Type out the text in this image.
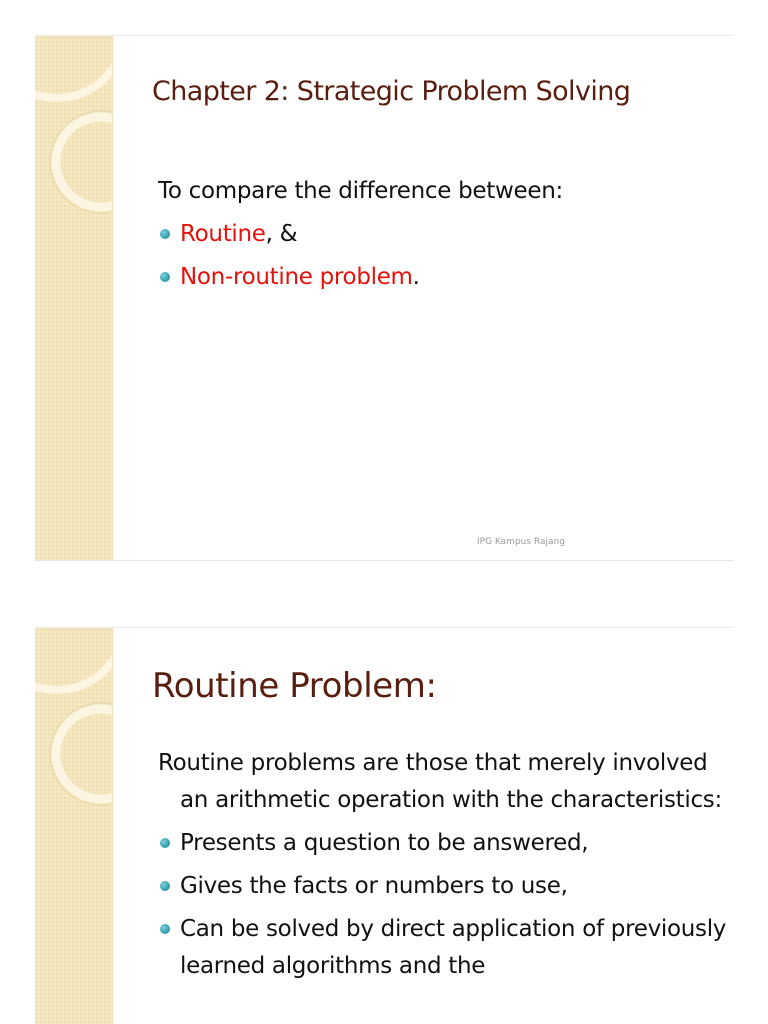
Chapter 2: Strategic Problem Solving
To compare the difference between:
Routine, &
Non-routine problem.
IPG Kampus Rajang
Routine Problem:
Routine problems are those that merely involved an arithmetic operation with the characteristics:
Presents a question to be answered,
Gives the facts or numbers to use,
Can be solved by direct application of previously learned algorithms and the
